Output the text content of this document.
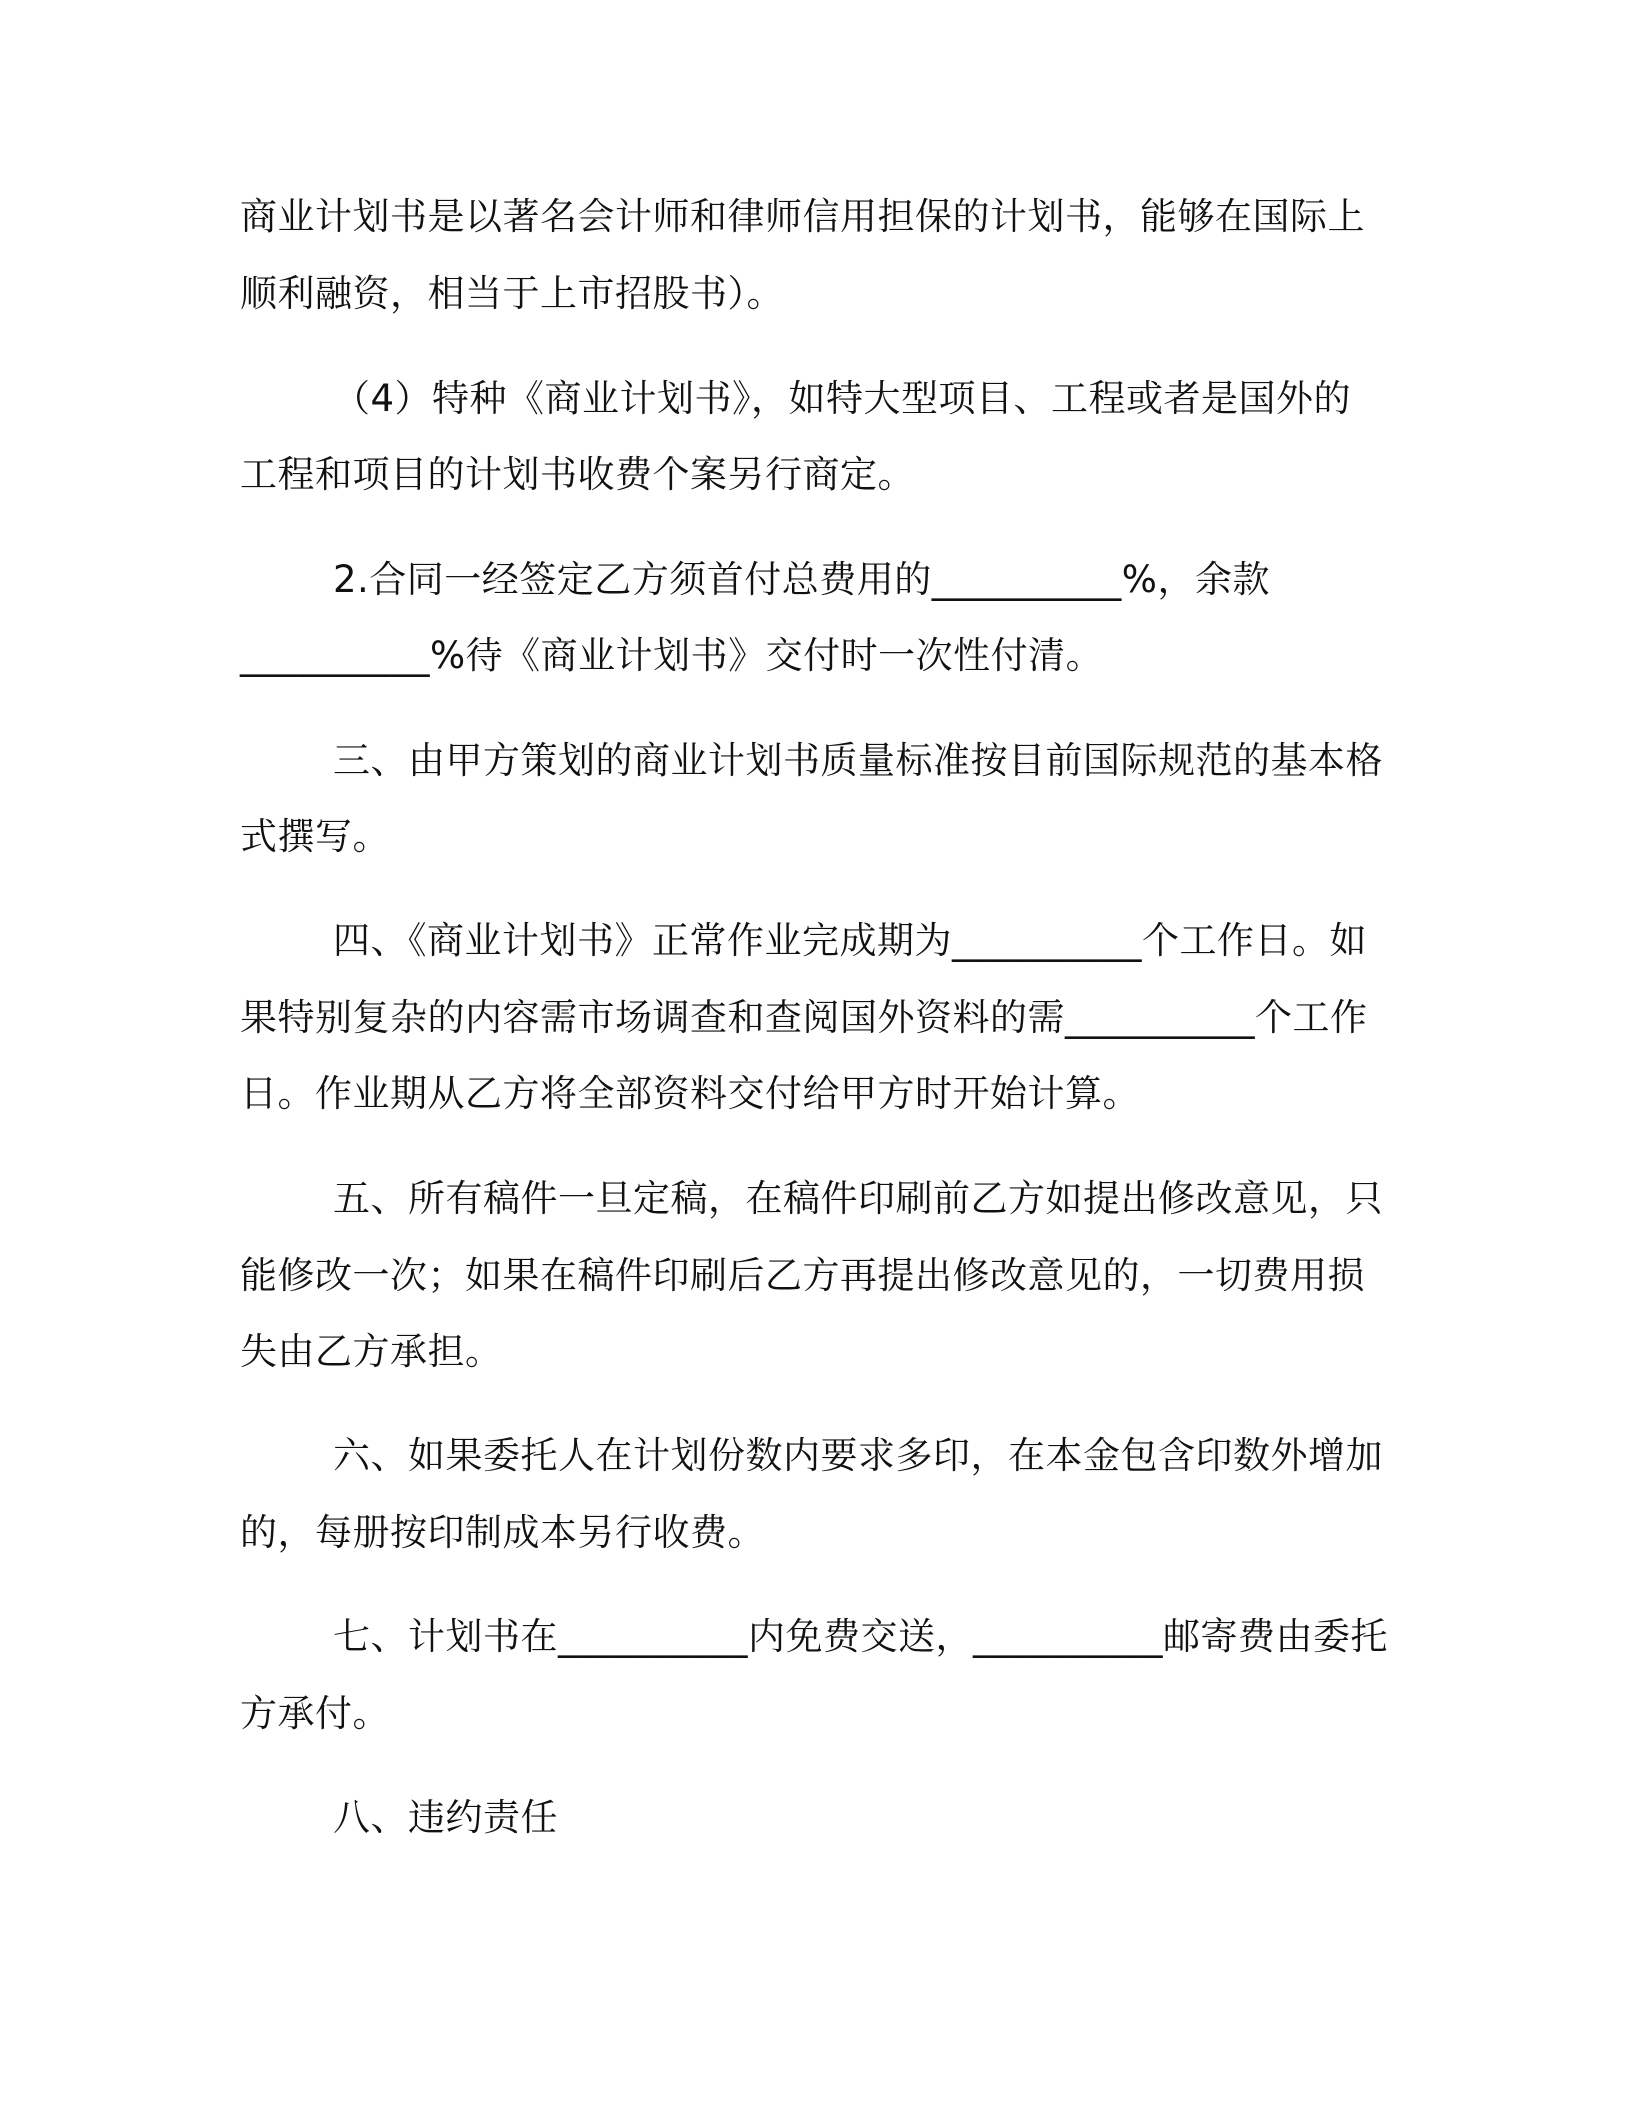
商业计划书是以著名会计师和律师信用担保的计划书，能够在国际上

顺利融资，相当于上市招股书）。

（4）特种《商业计划书》，如特大型项目、工程或者是国外的

工程和项目的计划书收费个案另行商定。

2.合同一经签定乙方须首付总费用的__________%，余款

__________%待《商业计划书》交付时一次性付清。

三、由甲方策划的商业计划书质量标准按目前国际规范的基本格

式撰写。

四、《商业计划书》正常作业完成期为__________个工作日。如

果特别复杂的内容需市场调查和查阅国外资料的需__________个工作

日。作业期从乙方将全部资料交付给甲方时开始计算。

五、所有稿件一旦定稿，在稿件印刷前乙方如提出修改意见，只

能修改一次；如果在稿件印刷后乙方再提出修改意见的，一切费用损

失由乙方承担。

六、如果委托人在计划份数内要求多印，在本金包含印数外增加

的，每册按印制成本另行收费。

七、计划书在__________内免费交送，__________邮寄费由委托

方承付。

八、违约责任
